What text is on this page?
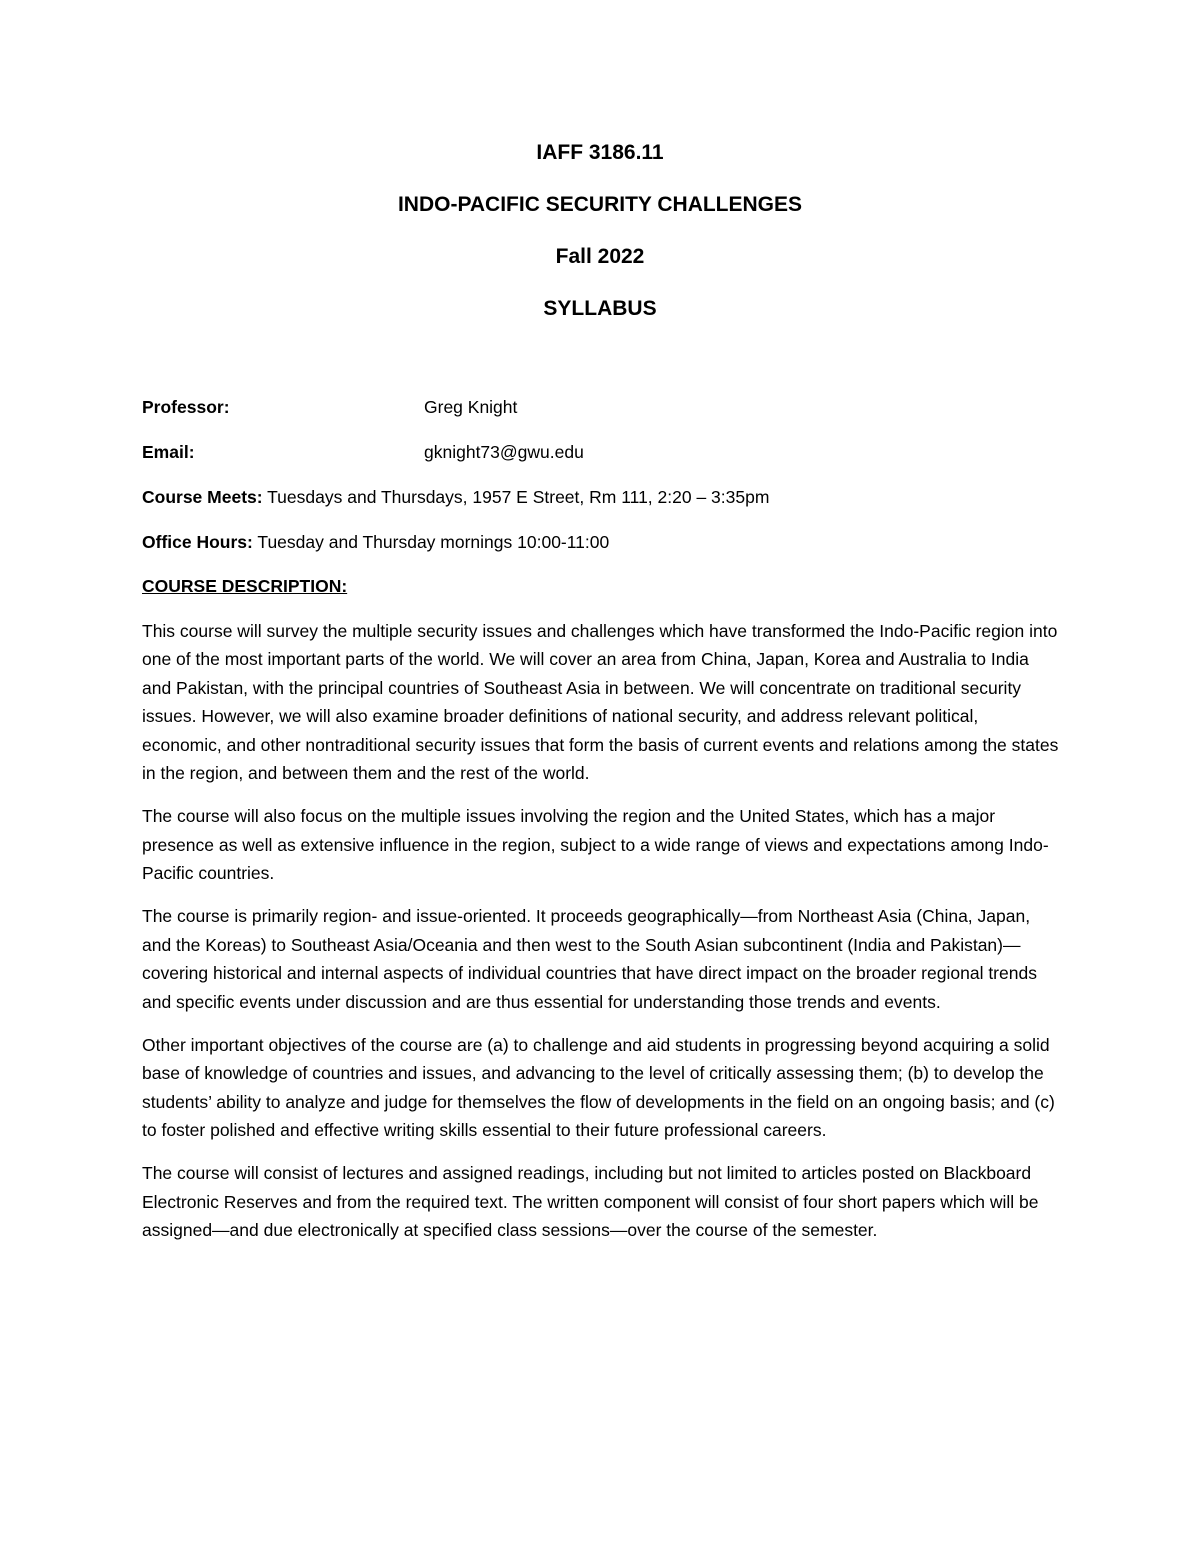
IAFF 3186.11
INDO-PACIFIC SECURITY CHALLENGES
Fall 2022
SYLLABUS
Professor:	Greg Knight
Email:	gknight73@gwu.edu
Course Meets: Tuesdays and Thursdays, 1957 E Street, Rm 111, 2:20 – 3:35pm
Office Hours: Tuesday and Thursday mornings 10:00-11:00
COURSE DESCRIPTION:

This course will survey the multiple security issues and challenges which have transformed the Indo-Pacific region into one of the most important parts of the world. We will cover an area from China, Japan, Korea and Australia to India and Pakistan, with the principal countries of Southeast Asia in between. We will concentrate on traditional security issues. However, we will also examine broader definitions of national security, and address relevant political, economic, and other nontraditional security issues that form the basis of current events and relations among the states in the region, and between them and the rest of the world.

The course will also focus on the multiple issues involving the region and the United States, which has a major presence as well as extensive influence in the region, subject to a wide range of views and expectations among Indo-Pacific countries.

The course is primarily region- and issue-oriented. It proceeds geographically—from Northeast Asia (China, Japan, and the Koreas) to Southeast Asia/Oceania and then west to the South Asian subcontinent (India and Pakistan)—covering historical and internal aspects of individual countries that have direct impact on the broader regional trends and specific events under discussion and are thus essential for understanding those trends and events.

Other important objectives of the course are (a) to challenge and aid students in progressing beyond acquiring a solid base of knowledge of countries and issues, and advancing to the level of critically assessing them; (b) to develop the students’ ability to analyze and judge for themselves the flow of developments in the field on an ongoing basis; and (c) to foster polished and effective writing skills essential to their future professional careers.

The course will consist of lectures and assigned readings, including but not limited to articles posted on Blackboard Electronic Reserves and from the required text. The written component will consist of four short papers which will be assigned—and due electronically at specified class sessions—over the course of the semester.
